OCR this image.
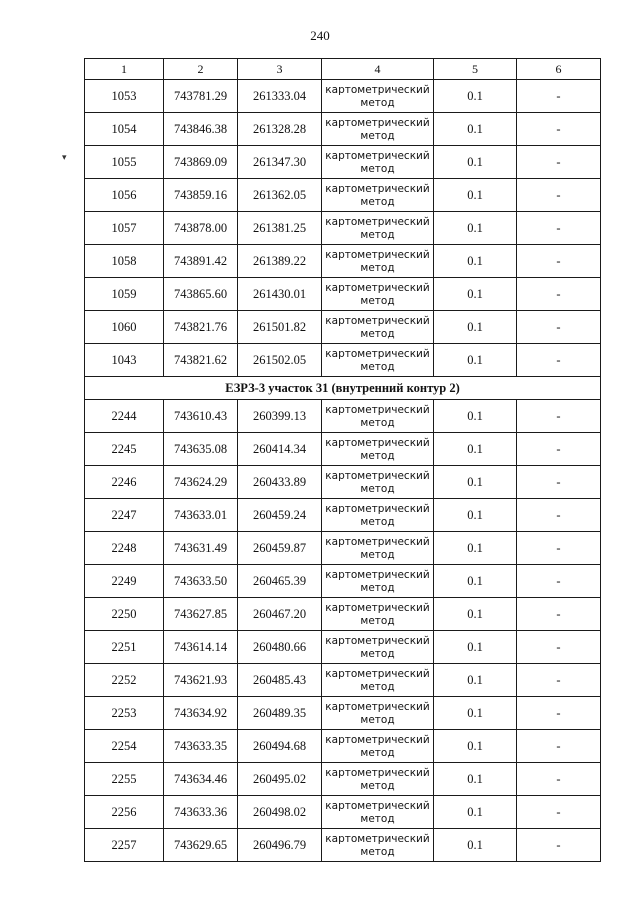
240
▾
1	2	3	4	5	6
1053	743781.29	261333.04	картометрический
метод	0.1	-
1054	743846.38	261328.28	картометрический
метод	0.1	-
1055	743869.09	261347.30	картометрический
метод	0.1	-
1056	743859.16	261362.05	картометрический
метод	0.1	-
1057	743878.00	261381.25	картометрический
метод	0.1	-
1058	743891.42	261389.22	картометрический
метод	0.1	-
1059	743865.60	261430.01	картометрический
метод	0.1	-
1060	743821.76	261501.82	картометрический
метод	0.1	-
1043	743821.62	261502.05	картометрический
метод	0.1	-
ЕЗРЗ-3 участок 31 (внутренний контур 2)					
2244	743610.43	260399.13	картометрический
метод	0.1	-
2245	743635.08	260414.34	картометрический
метод	0.1	-
2246	743624.29	260433.89	картометрический
метод	0.1	-
2247	743633.01	260459.24	картометрический
метод	0.1	-
2248	743631.49	260459.87	картометрический
метод	0.1	-
2249	743633.50	260465.39	картометрический
метод	0.1	-
2250	743627.85	260467.20	картометрический
метод	0.1	-
2251	743614.14	260480.66	картометрический
метод	0.1	-
2252	743621.93	260485.43	картометрический
метод	0.1	-
2253	743634.92	260489.35	картометрический
метод	0.1	-
2254	743633.35	260494.68	картометрический
метод	0.1	-
2255	743634.46	260495.02	картометрический
метод	0.1	-
2256	743633.36	260498.02	картометрический
метод	0.1	-
2257	743629.65	260496.79	картометрический
метод	0.1	-
